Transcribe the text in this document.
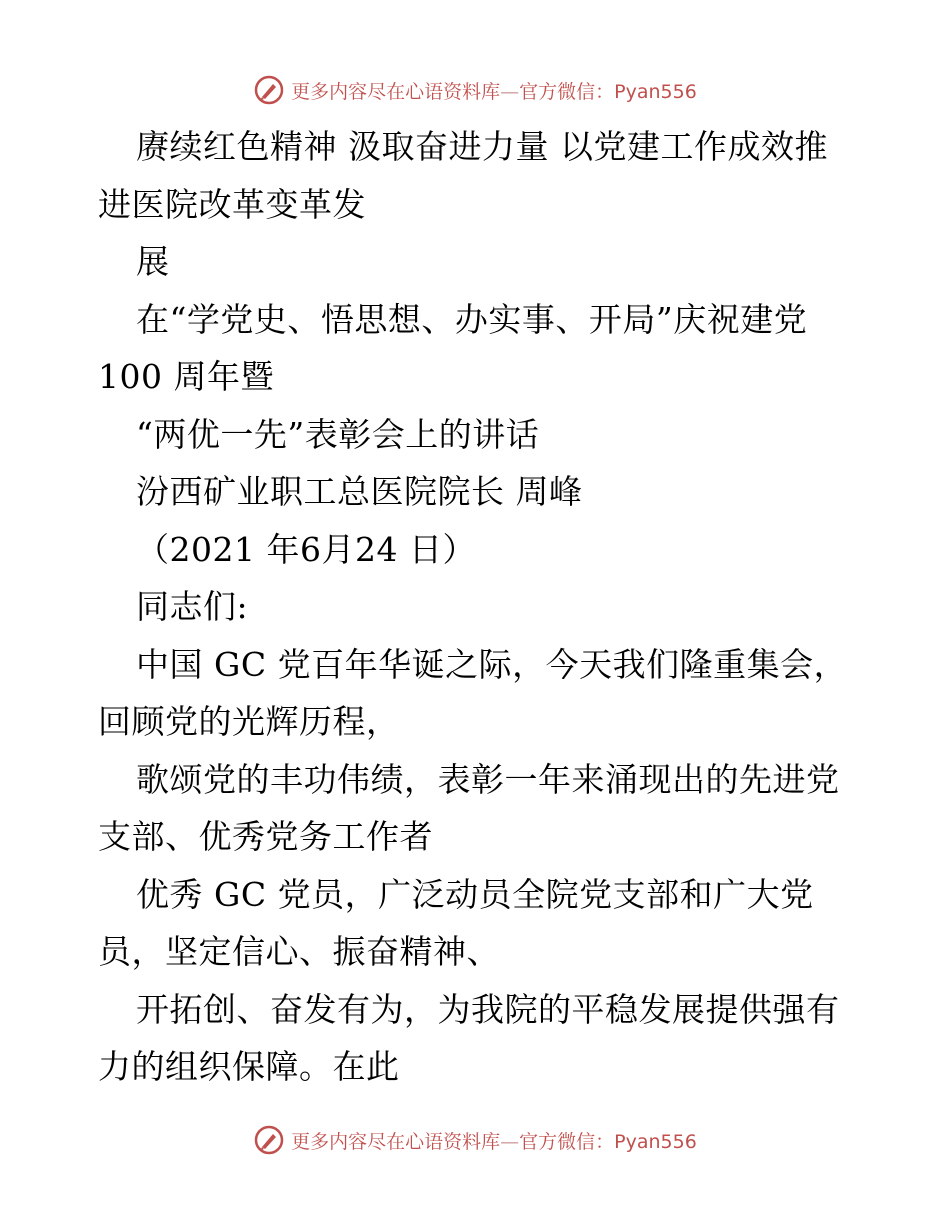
更多内容尽在心语资料库—官方微信：Pyan556
赓续红色精神 汲取奋进力量 以党建工作成效推
进医院改革变革发
展
在“学党史、悟思想、办实事、开局”庆祝建党
100 周年暨
“两优一先”表彰会上的讲话
汾西矿业职工总医院院长 周峰
（2021 年6月24 日）
同志们:
中国 GC 党百年华诞之际，今天我们隆重集会，
回顾党的光辉历程，
歌颂党的丰功伟绩，表彰一年来涌现出的先进党
支部、优秀党务工作者
优秀 GC 党员，广泛动员全院党支部和广大党
员，坚定信心、振奋精神、
开拓创、奋发有为，为我院的平稳发展提供强有
力的组织保障。在此
更多内容尽在心语资料库—官方微信：Pyan556
